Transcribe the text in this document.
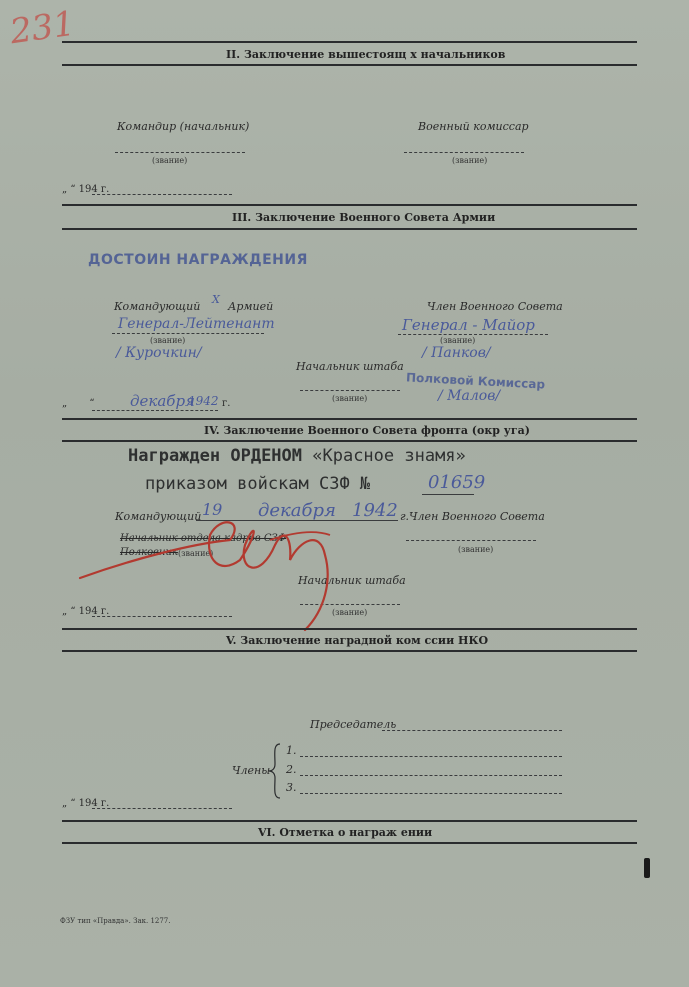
231
II. Заключение вышестоящ х начальников
Командир (начальник)	Военный комиссар
(звание)	(звание)
„ “ 194 г.
III. Заключение Военного Совета Армии
ДОСТОИН НАГРАЖДЕНИЯ
Командующий
X
Армией
Генерал-Лейтенант
(звание)
/ Курочкин/
Член Военного Совета
Генерал - Майор
(звание)
/ Панков/
Начальник штаба
(звание)
Полковой Комиссар
/ Малов/
„       “ декабря
1942 г.
IV. Заключение Военного Совета фронта (окр уга)
Награжден ОРДЕНОМ «Красное знамя»
приказом войскам СЗФ №	01659
Командующий 19 декабря 1942 г.Член Военного Совета
Начальник отдела кадров СЗФ
Полковник (звание)	(звание)
Начальник штаба
(звание)
„ “ 194 г.
V. Заключение наградной ком ссии НКО
Председатель
Члены
1.
2.
3.
„ “ 194 г.
VI. Отметка о награж ении
ФЗУ тип «Правда». Зак. 1277.
